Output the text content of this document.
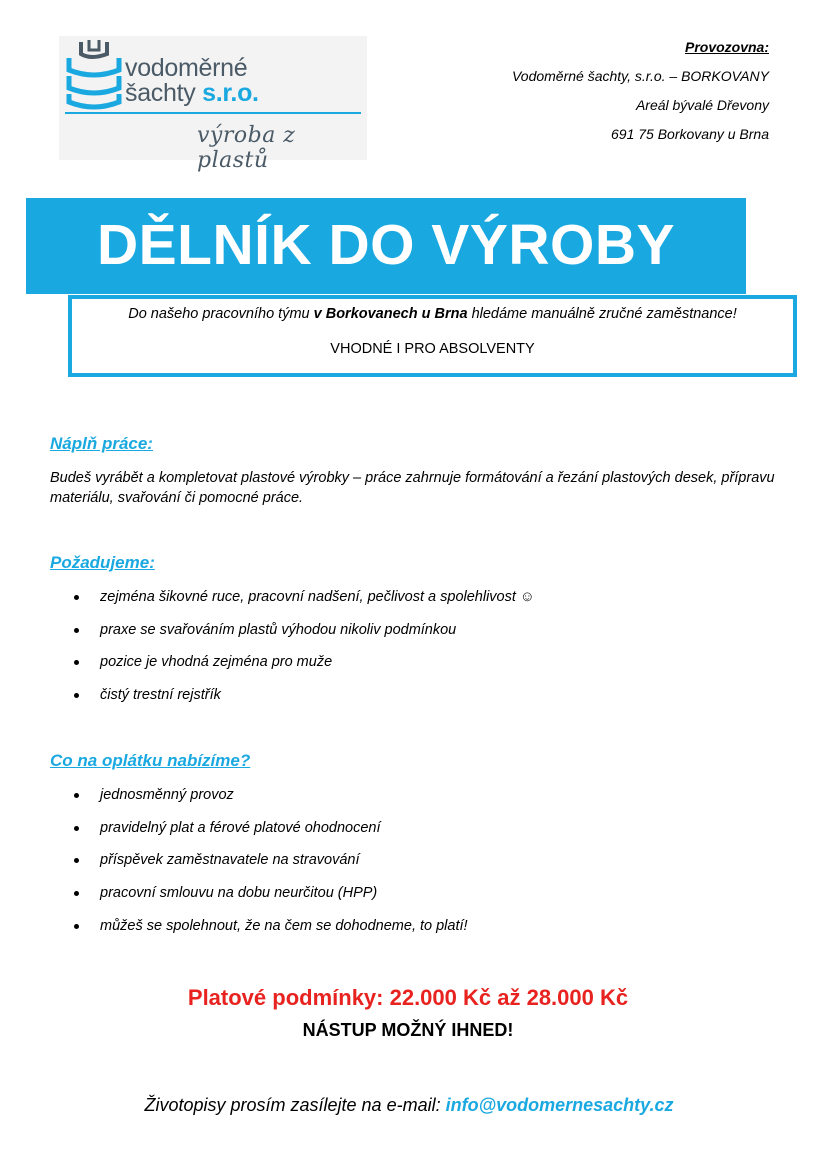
vodoměrné
šachty s.r.o.
výroba z plastů
Provozovna:
Vodoměrné šachty, s.r.o. – BORKOVANY
Areál bývalé Dřevony
691 75 Borkovany u Brna
DĚLNÍK DO VÝROBY
Do našeho pracovního týmu v Borkovanech u Brna hledáme manuálně zručné zaměstnance!
VHODNÉ I PRO ABSOLVENTY
Náplň práce:
Budeš vyrábět a kompletovat plastové výrobky – práce zahrnuje formátování a řezání plastových desek, přípravu materiálu, svařování či pomocné práce.
Požadujeme:
zejména šikovné ruce, pracovní nadšení, pečlivost a spolehlivost ☺
praxe se svařováním plastů výhodou nikoliv podmínkou
pozice je vhodná zejména pro muže
čistý trestní rejstřík
Co na oplátku nabízíme?
jednosměnný provoz
pravidelný plat a férové platové ohodnocení
příspěvek zaměstnavatele na stravování
pracovní smlouvu na dobu neurčitou (HPP)
můžeš se spolehnout, že na čem se dohodneme, to platí!
Platové podmínky: 22.000 Kč až 28.000 Kč
NÁSTUP MOŽNÝ IHNED!
Životopisy prosím zasílejte na e-mail: info@vodomernesachty.cz
